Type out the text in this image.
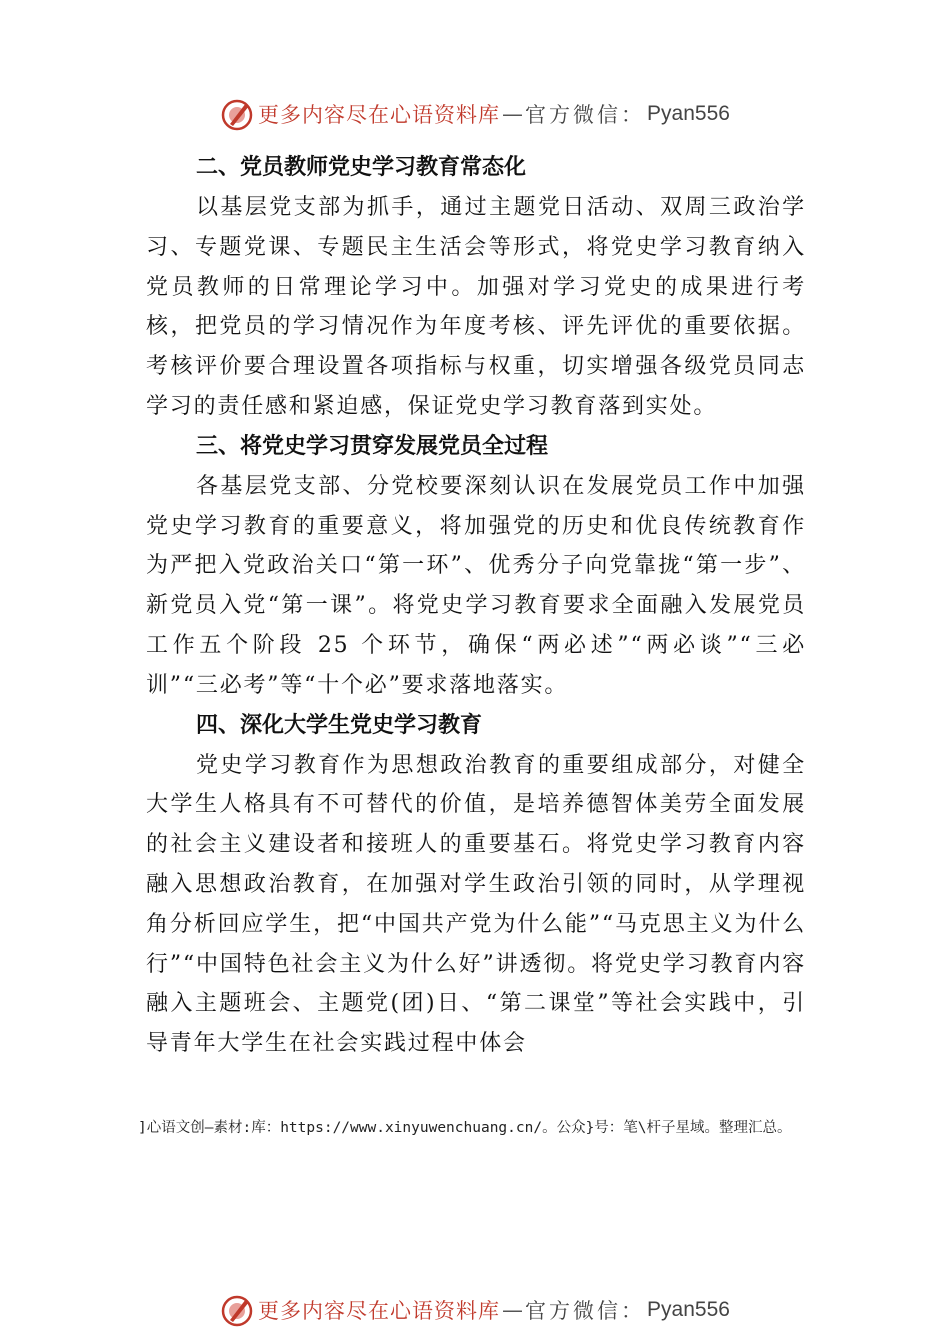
更多内容尽在心语资料库 — 官方微信： Pyan556
二、党员教师党史学习教育常态化

以基层党支部为抓手，通过主题党日活动、双周三政治学习、专题党课、专题民主生活会等形式，将党史学习教育纳入党员教师的日常理论学习中。加强对学习党史的成果进行考核，把党员的学习情况作为年度考核、评先评优的重要依据。考核评价要合理设置各项指标与权重，切实增强各级党员同志学习的责任感和紧迫感，保证党史学习教育落到实处。

三、将党史学习贯穿发展党员全过程

各基层党支部、分党校要深刻认识在发展党员工作中加强党史学习教育的重要意义，将加强党的历史和优良传统教育作为严把入党政治关口“第一环”、优秀分子向党靠拢“第一步”、新党员入党“第一课”。将党史学习教育要求全面融入发展党员工作五个阶段 25 个环节，确保“两必述”“两必谈”“三必训”“三必考”等“十个必”要求落地落实。

四、深化大学生党史学习教育

党史学习教育作为思想政治教育的重要组成部分，对健全大学生人格具有不可替代的价值，是培养德智体美劳全面发展的社会主义建设者和接班人的重要基石。将党史学习教育内容融入思想政治教育，在加强对学生政治引领的同时，从学理视角分析回应学生，把“中国共产党为什么能”“马克思主义为什么行”“中国特色社会主义为什么好”讲透彻。将党史学习教育内容融入主题班会、主题党(团)日、“第二课堂”等社会实践中，引导青年大学生在社会实践过程中体会

]心语文创—素材:库：https://www.xinyuwenchuang.cn/。公众}号：笔\杆子星域。整理汇总。
更多内容尽在心语资料库 — 官方微信： Pyan556
